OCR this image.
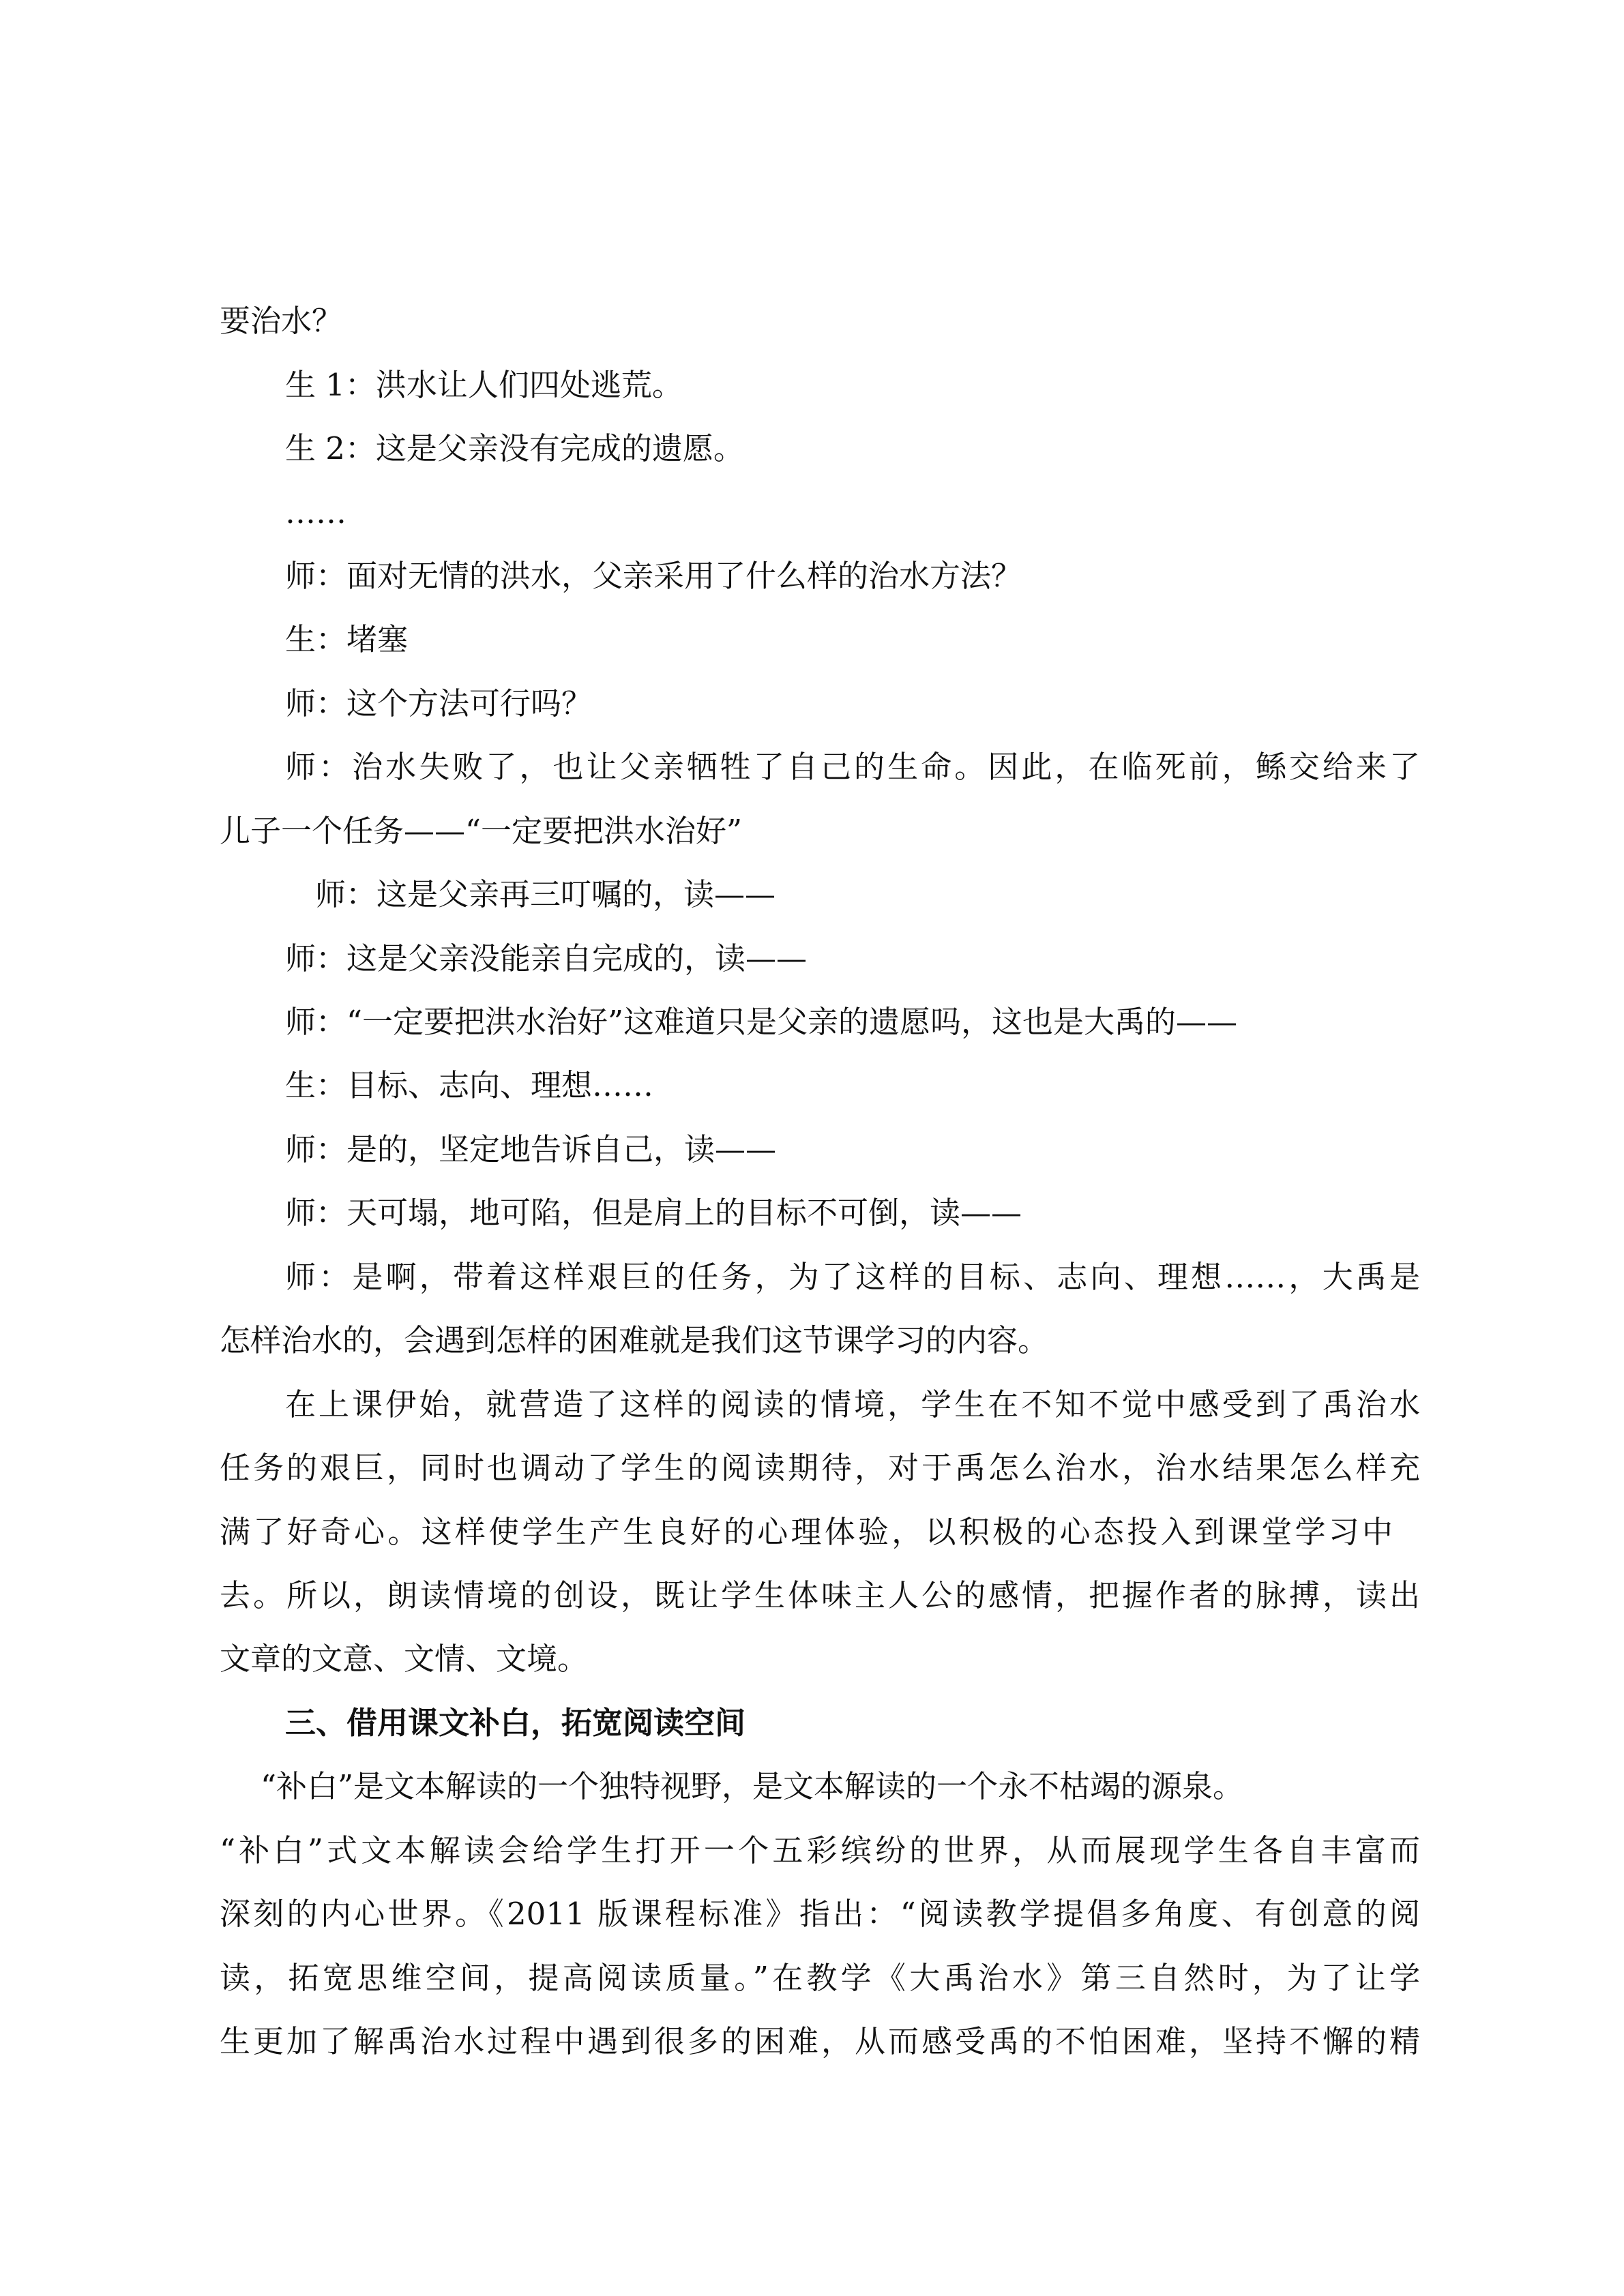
要治水？
生 1：洪水让人们四处逃荒。
生 2：这是父亲没有完成的遗愿。
……
师：面对无情的洪水，父亲采用了什么样的治水方法？
生：堵塞
师：这个方法可行吗？
师：治水失败了，也让父亲牺牲了自己的生命。因此，在临死前，鲧交给来了
儿子一个任务——“一定要把洪水治好”
师：这是父亲再三叮嘱的，读——
师：这是父亲没能亲自完成的，读——
师：“一定要把洪水治好”这难道只是父亲的遗愿吗，这也是大禹的——
生：目标、志向、理想……
师：是的，坚定地告诉自己，读——
师：天可塌，地可陷，但是肩上的目标不可倒，读——
师：是啊，带着这样艰巨的任务，为了这样的目标、志向、理想……，大禹是
怎样治水的，会遇到怎样的困难就是我们这节课学习的内容。
在上课伊始，就营造了这样的阅读的情境，学生在不知不觉中感受到了禹治水
任务的艰巨，同时也调动了学生的阅读期待，对于禹怎么治水，治水结果怎么样充
满了好奇心。这样使学生产生良好的心理体验，以积极的心态投入到课堂学习中
去。所以，朗读情境的创设，既让学生体味主人公的感情，把握作者的脉搏，读出
文章的文意、文情、文境。
三、借用课文补白，拓宽阅读空间
“补白”是文本解读的一个独特视野，是文本解读的一个永不枯竭的源泉。
“补白”式文本解读会给学生打开一个五彩缤纷的世界，从而展现学生各自丰富而
深刻的内心世界。《2011 版课程标准》指出：“阅读教学提倡多角度、有创意的阅
读，拓宽思维空间，提高阅读质量。”在教学《大禹治水》第三自然时，为了让学
生更加了解禹治水过程中遇到很多的困难，从而感受禹的不怕困难，坚持不懈的精
